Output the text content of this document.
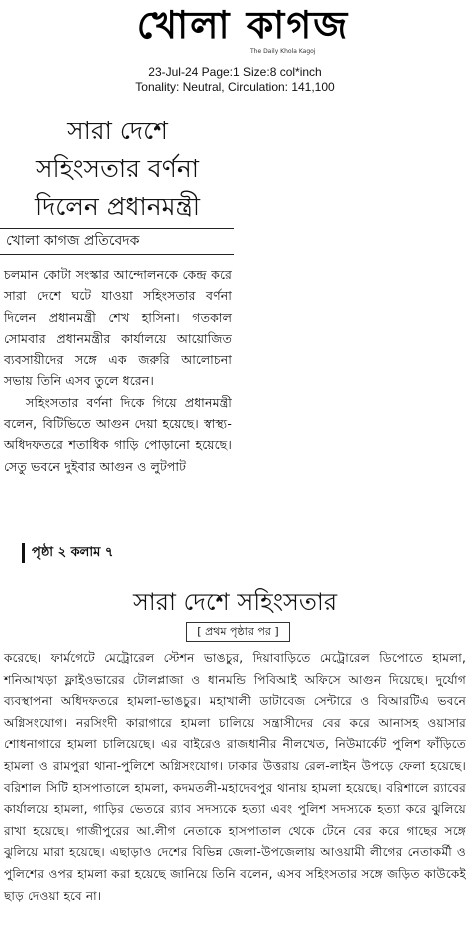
খোলা কাগজ
The Daily Khola Kagoj
23-Jul-24 Page:1 Size:8 col*inch
Tonality: Neutral, Circulation: 141,100
সারা দেশে
সহিংসতার বর্ণনা
দিলেন প্রধানমন্ত্রী
খোলা কাগজ প্রতিবেদক

চলমান কোটা সংস্কার আন্দোলনকে কেন্দ্র করে সারা দেশে ঘটে যাওয়া সহিংসতার বর্ণনা দিলেন প্রধানমন্ত্রী শেখ হাসিনা। গতকাল সোমবার প্রধানমন্ত্রীর কার্যালয়ে আয়োজিত ব্যবসায়ীদের সঙ্গে এক জরুরি আলোচনা সভায় তিনি এসব তুলে ধরেন।

সহিংসতার বর্ণনা দিকে গিয়ে প্রধানমন্ত্রী বলেন, বিটিভিতে আগুন দেয়া হয়েছে। স্বাস্থ্য-অধিদফতরে শতাধিক গাড়ি পোড়ানো হয়েছে। সেতু ভবনে দুইবার আগুন ও লুটপাট

পৃষ্ঠা ২ কলাম ৭
সারা দেশে সহিংসতার
[ প্রথম পৃষ্ঠার পর ]
করেছে। ফার্মগেটে মেট্রোরেল স্টেশন ভাঙচুর, দিয়াবাড়িতে মেট্রোরেল ডিপোতে হামলা, শনিআখড়া ফ্লাইওভারের টোলপ্লাজা ও ধানমন্ডি পিবিআই অফিসে আগুন দিয়েছে। দুর্যোগ ব্যবস্থাপনা অধিদফতরে হামলা-ভাঙচুর। মহাখালী ডাটাবেজ সেন্টারে ও বিআরটিএ ভবনে অগ্নিসংযোগ। নরসিংদী কারাগারে হামলা চালিয়ে সন্ত্রাসীদের বের করে আনাসহ ওয়াসার শোধনাগারে হামলা চালিয়েছে। এর বাইরেও রাজধানীর নীলখেত, নিউমার্কেট পুলিশ ফাঁড়িতে হামলা ও রামপুরা থানা-পুলিশে অগ্নিসংযোগ। ঢাকার উত্তরায় রেল-লাইন উপড়ে ফেলা হয়েছে। বরিশাল সিটি হাসপাতালে হামলা, কদমতলী-মহাদেবপুর থানায় হামলা হয়েছে। বরিশালে র‍্যাবের কার্যালয়ে হামলা, গাড়ির ভেতরে র‍্যাব সদস্যকে হত্যা এবং পুলিশ সদস্যকে হত্যা করে ঝুলিয়ে রাখা হয়েছে। গাজীপুরের আ.লীগ নেতাকে হাসপাতাল থেকে টেনে বের করে গাছের সঙ্গে ঝুলিয়ে মারা হয়েছে। এছাড়াও দেশের বিভিন্ন জেলা-উপজেলায় আওয়ামী লীগের নেতাকর্মী ও পুলিশের ওপর হামলা করা হয়েছে জানিয়ে তিনি বলেন, এসব সহিংসতার সঙ্গে জড়িত কাউকেই ছাড় দেওয়া হবে না।
